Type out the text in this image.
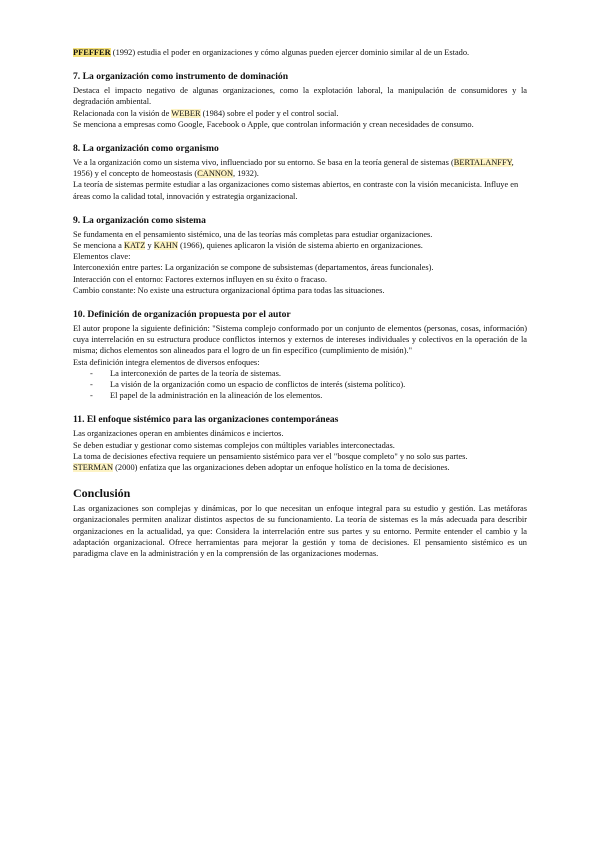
PFEFFER (1992) estudia el poder en organizaciones y cómo algunas pueden ejercer dominio similar al de un Estado.

7. La organización como instrumento de dominación

Destaca el impacto negativo de algunas organizaciones, como la explotación laboral, la manipulación de consumidores y la degradación ambiental.

Relacionada con la visión de WEBER (1984) sobre el poder y el control social.

Se menciona a empresas como Google, Facebook o Apple, que controlan información y crean necesidades de consumo.

8. La organización como organismo

Ve a la organización como un sistema vivo, influenciado por su entorno. Se basa en la teoría general de sistemas (BERTALANFFY, 1956) y el concepto de homeostasis (CANNON, 1932).

La teoría de sistemas permite estudiar a las organizaciones como sistemas abiertos, en contraste con la visión mecanicista. Influye en áreas como la calidad total, innovación y estrategia organizacional.

9. La organización como sistema

Se fundamenta en el pensamiento sistémico, una de las teorías más completas para estudiar organizaciones.

Se menciona a KATZ y KAHN (1966), quienes aplicaron la visión de sistema abierto en organizaciones.

Elementos clave:

Interconexión entre partes: La organización se compone de subsistemas (departamentos, áreas funcionales).

Interacción con el entorno: Factores externos influyen en su éxito o fracaso.

Cambio constante: No existe una estructura organizacional óptima para todas las situaciones.

10. Definición de organización propuesta por el autor

El autor propone la siguiente definición: "Sistema complejo conformado por un conjunto de elementos (personas, cosas, información) cuya interrelación en su estructura produce conflictos internos y externos de intereses individuales y colectivos en la operación de la misma; dichos elementos son alineados para el logro de un fin específico (cumplimiento de misión)."

Esta definición integra elementos de diversos enfoques:

-	La interconexión de partes de la teoría de sistemas.
-	La visión de la organización como un espacio de conflictos de interés (sistema político).
-	El papel de la administración en la alineación de los elementos.
11. El enfoque sistémico para las organizaciones contemporáneas

Las organizaciones operan en ambientes dinámicos e inciertos.

Se deben estudiar y gestionar como sistemas complejos con múltiples variables interconectadas.

La toma de decisiones efectiva requiere un pensamiento sistémico para ver el "bosque completo" y no solo sus partes.

STERMAN (2000) enfatiza que las organizaciones deben adoptar un enfoque holístico en la toma de decisiones.

Conclusión

Las organizaciones son complejas y dinámicas, por lo que necesitan un enfoque integral para su estudio y gestión. Las metáforas organizacionales permiten analizar distintos aspectos de su funcionamiento. La teoría de sistemas es la más adecuada para describir organizaciones en la actualidad, ya que: Considera la interrelación entre sus partes y su entorno. Permite entender el cambio y la adaptación organizacional. Ofrece herramientas para mejorar la gestión y toma de decisiones. El pensamiento sistémico es un paradigma clave en la administración y en la comprensión de las organizaciones modernas.
